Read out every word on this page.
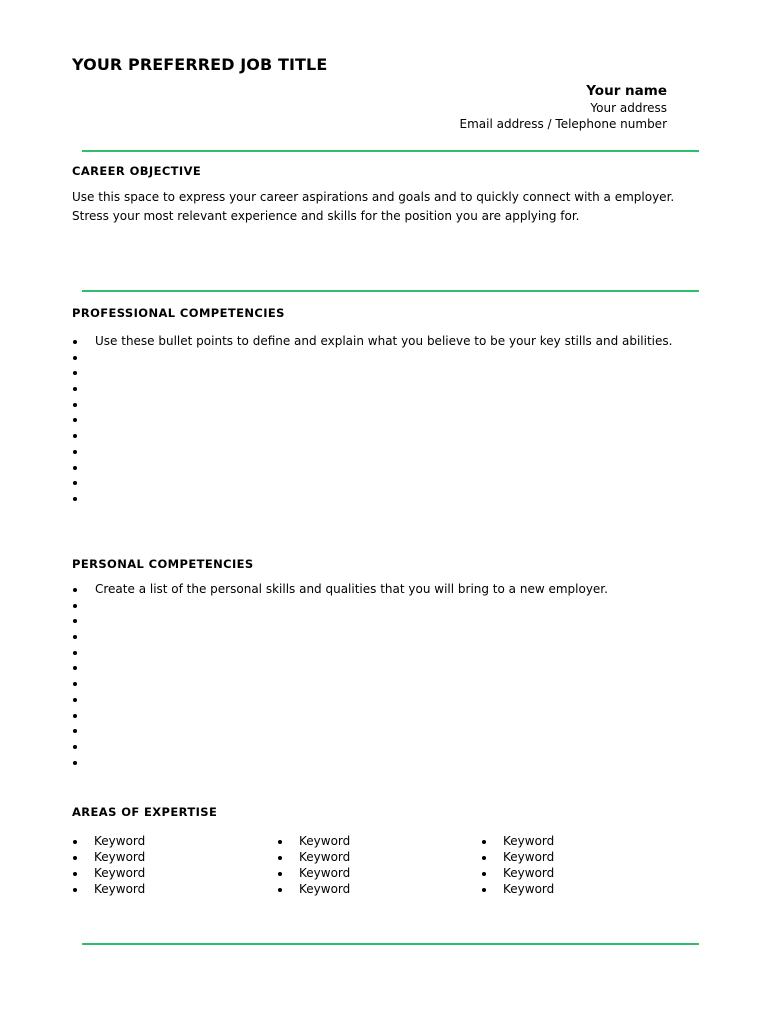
YOUR PREFERRED JOB TITLE
Your name
Your address
Email address / Telephone number
CAREER OBJECTIVE
Use this space to express your career aspirations and goals and to quickly connect with a employer. Stress your most relevant experience and skills for the position you are applying for.
PROFESSIONAL COMPETENCIES
Use these bullet points to define and explain what you believe to be your key stills and abilities.
PERSONAL COMPETENCIES
Create a list of the personal skills and qualities that you will bring to a new employer.
AREAS OF EXPERTISE
Keyword
Keyword
Keyword
Keyword
Keyword
Keyword
Keyword
Keyword
Keyword
Keyword
Keyword
Keyword
